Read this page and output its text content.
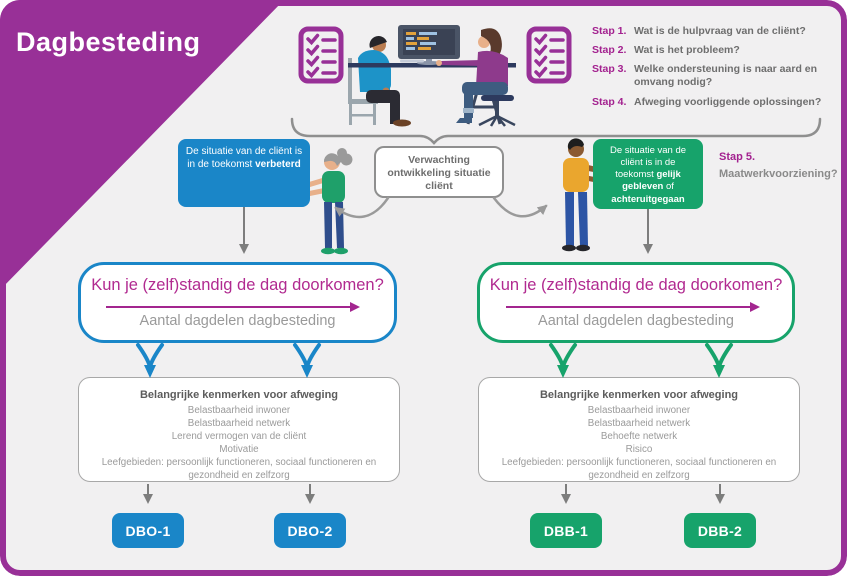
Dagbesteding	Stap 1. Wat is de hulpvraag van de cliënt?
Stap 2. Wat is het probleem?
Stap 3. Welke ondersteuning is naar aard en omvang nodig?
Stap 4. Afweging voorliggende oplossingen?
Stap 5.
Maatwerkvoorziening?
Verwachting ontwikkeling situatie cliënt
De situatie van de cliënt is in de toekomst verbeterd
De situatie van de cliënt is in de toekomst gelijk gebleven of achteruitgegaan
Kun je (zelf)standig de dag doorkomen?
Aantal dagdelen dagbesteding
Kun je (zelf)standig de dag doorkomen?
Aantal dagdelen dagbesteding
Belangrijke kenmerken voor afweging
Belastbaarheid inwoner
Belastbaarheid netwerk
Lerend vermogen van de cliënt
Motivatie
Leefgebieden: persoonlijk functioneren, sociaal functioneren en gezondheid en zelfzorg
Belangrijke kenmerken voor afweging
Belastbaarheid inwoner
Belastbaarheid netwerk
Behoefte netwerk
Risico
Leefgebieden: persoonlijk functioneren, sociaal functioneren en gezondheid en zelfzorg
DBO-1	DBO-2	DBB-1	DBB-2
